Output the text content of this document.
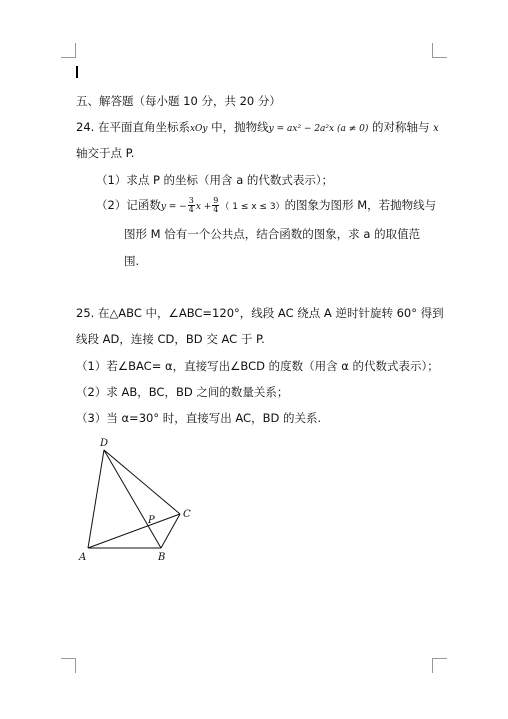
五、解答题（每小题 10 分，共 20 分）
24. 在平面直角坐标系xOy 中，抛物线y = ax² − 2a²x (a ≠ 0) 的对称轴与 x
轴交于点 P.
（1）求点 P 的坐标（用含 a 的代数式表示）；
（2）记函数y = − $\frac{3}{4}$ $x + \frac{9}{4}$ （ 1 ≤ x ≤ 3）的图象为图形 M，若抛物线与
图形 M 恰有一个公共点，结合函数的图象，求 a 的取值范
围.
25. 在△ABC 中，∠ABC=120°，线段 AC 绕点 A 逆时针旋转 60° 得到
线段 AD，连接 CD，BD 交 AC 于 P.
（1）若∠BAC= α，直接写出∠BCD 的度数（用含 α 的代数式表示）；
（2）求 AB，BC，BD 之间的数量关系；
（3）当 α=30° 时，直接写出 AC，BD 的关系.
D
A	B
C
P
